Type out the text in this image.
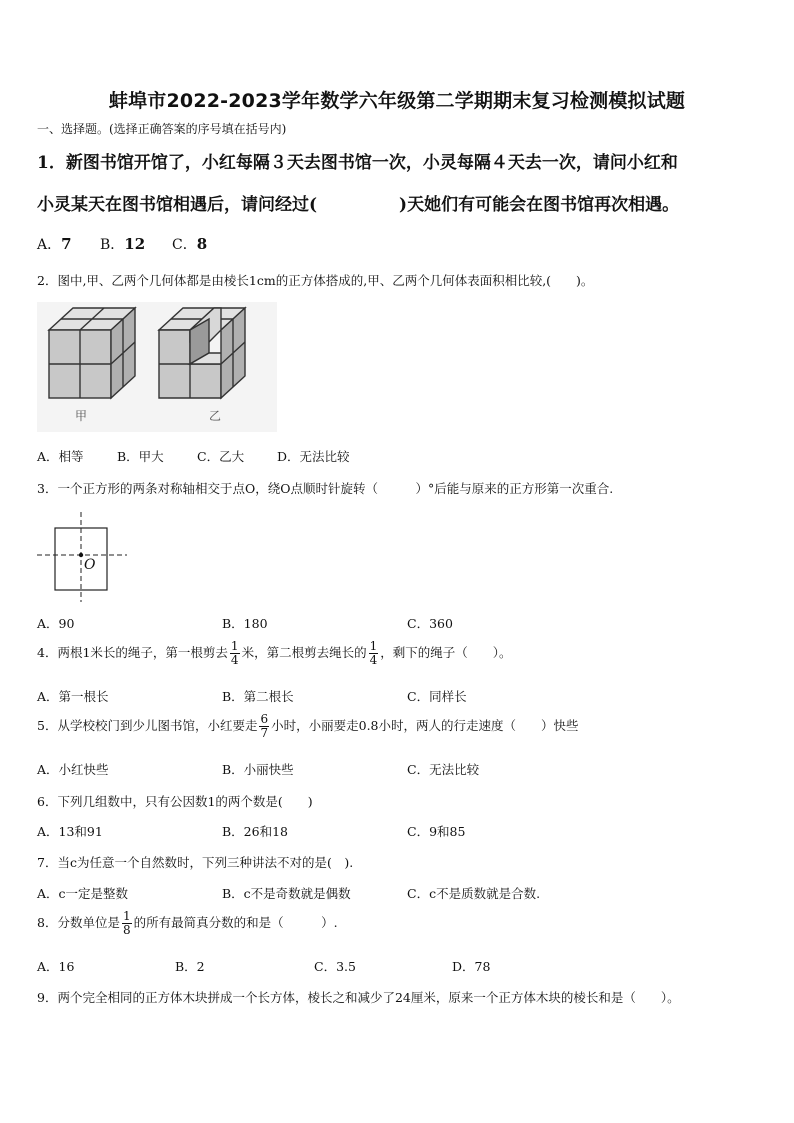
蚌埠市2022-2023学年数学六年级第二学期期末复习检测模拟试题
一、选择题。(选择正确答案的序号填在括号内)
1．新图书馆开馆了，小红每隔３天去图书馆一次，小灵每隔４天去一次，请问小红和
小灵某天在图书馆相遇后，请问经过(	)天她们有可能会在图书馆再次相遇。
A．7 B．12 C．8
2．图中,甲、乙两个几何体都是由棱长1cm的正方体搭成的,甲、乙两个几何体表面积相比较,(　　)。
甲	乙
A．相等	B．甲大	C．乙大	D．无法比较
3．一个正方形的两条对称轴相交于点O，绕O点顺时针旋转（　　　）°后能与原来的正方形第一次重合.
O
A．90	B．180	C．360
4．两根1米长的绳子，第一根剪去 $\frac{1}{4}$ 米，第二根剪去绳长的 $\frac{1}{4}$ ，剩下的绳子（　　）。
A．第一根长	B．第二根长	C．同样长
5．从学校校门到少儿图书馆，小红要走 $\frac{6}{7}$ 小时，小丽要走0.8小时，两人的行走速度（　　）快些
A．小红快些	B．小丽快些	C．无法比较
6．下列几组数中，只有公因数1的两个数是(　　)
A．13和91	B．26和18	C．9和85
7．当c为任意一个自然数时，下列三种讲法不对的是(　).
A．c一定是整数	B．c不是奇数就是偶数	C．c不是质数就是合数.
8．分数单位是 $\frac{1}{8}$ 的所有最简真分数的和是（　　　）.
A．16	B．2	C．3.5	D．78
9．两个完全相同的正方体木块拼成一个长方体，棱长之和减少了24厘米，原来一个正方体木块的棱长和是（　　）。
